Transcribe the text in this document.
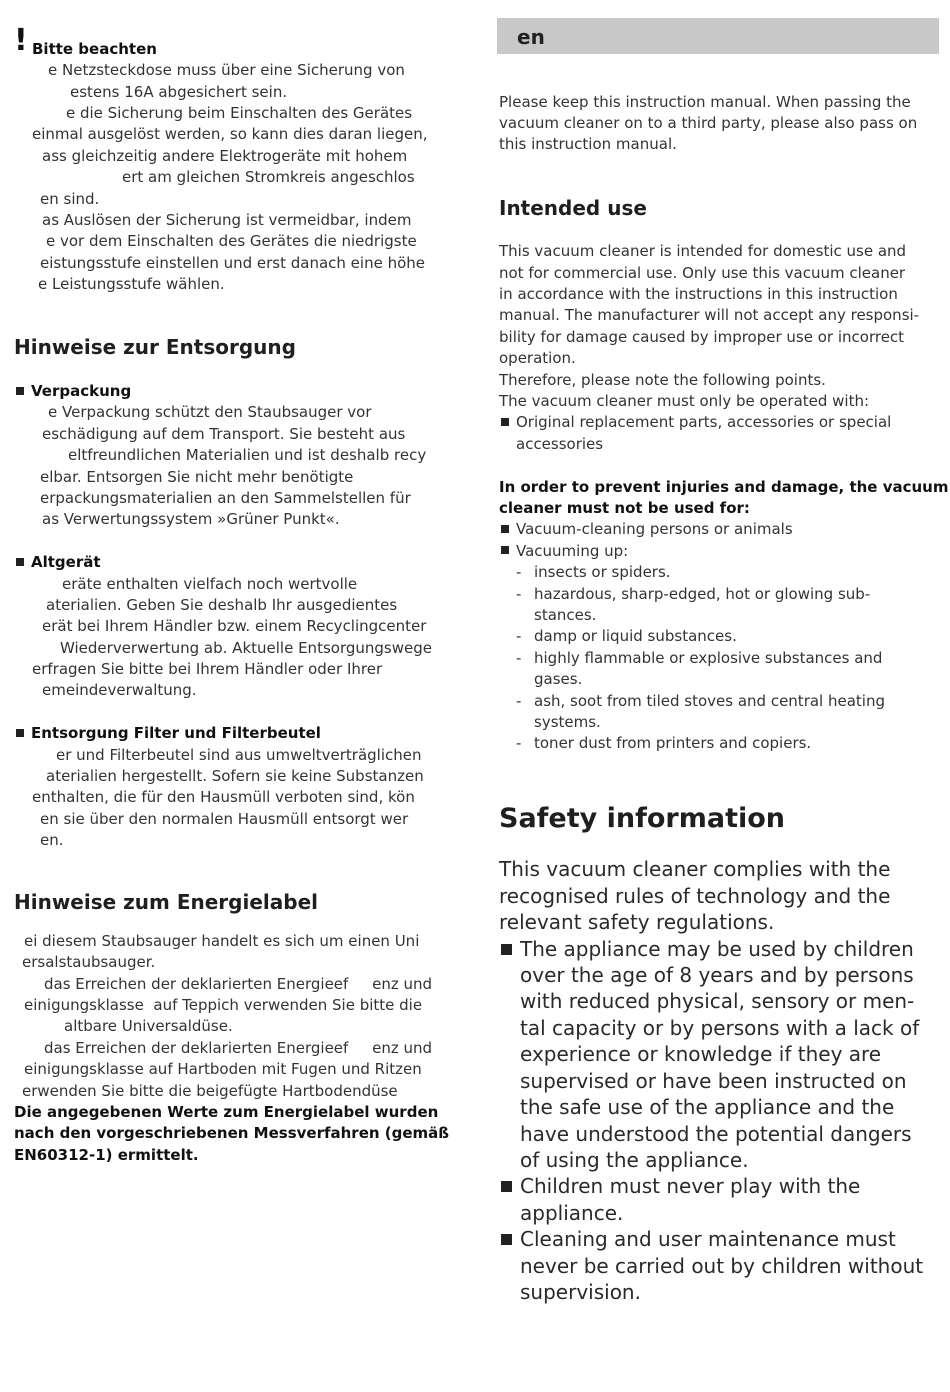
! Bitte beachten
e Netzsteckdose muss über eine Sicherung von
estens 16A abgesichert sein.
e die Sicherung beim Einschalten des Gerätes
einmal ausgelöst werden, so kann dies daran liegen,
ass gleichzeitig andere Elektrogeräte mit hohem
ert am gleichen Stromkreis angeschlos
en sind.
as Auslösen der Sicherung ist vermeidbar, indem
e vor dem Einschalten des Gerätes die niedrigste
eistungsstufe einstellen und erst danach eine höhe
e Leistungsstufe wählen.
Hinweise zur Entsorgung
Verpackung
e Verpackung schützt den Staubsauger vor
eschädigung auf dem Transport. Sie besteht aus
eltfreundlichen Materialien und ist deshalb recy
elbar. Entsorgen Sie nicht mehr benötigte
erpackungsmaterialien an den Sammelstellen für
as Verwertungssystem »Grüner Punkt«.
Altgerät
eräte enthalten vielfach noch wertvolle
aterialien. Geben Sie deshalb Ihr ausgedientes
erät bei Ihrem Händler bzw. einem Recyclingcenter
Wiederverwertung ab. Aktuelle Entsorgungswege
erfragen Sie bitte bei Ihrem Händler oder Ihrer
emeindeverwaltung.
Entsorgung Filter und Filterbeutel
er und Filterbeutel sind aus umweltverträglichen
aterialien hergestellt. Sofern sie keine Substanzen
enthalten, die für den Hausmüll verboten sind, kön
en sie über den normalen Hausmüll entsorgt wer
en.
Hinweise zum Energielabel
ei diesem Staubsauger handelt es sich um einen Uni
ersalstaubsauger.
das Erreichen der deklarierten Energieef     enz und
einigungsklasse  auf Teppich verwenden Sie bitte die
altbare Universaldüse.
das Erreichen der deklarierten Energieef     enz und
einigungsklasse auf Hartboden mit Fugen und Ritzen
erwenden Sie bitte die beigefügte Hartbodendüse
Die angegebenen Werte zum Energielabel wurden
nach den vorgeschriebenen Messverfahren (gemäß
EN60312-1) ermittelt.
en
Please keep this instruction manual. When passing the
vacuum cleaner on to a third party, please also pass on
this instruction manual.
Intended use
This vacuum cleaner is intended for domestic use and
not for commercial use. Only use this vacuum cleaner
in accordance with the instructions in this instruction
manual. The manufacturer will not accept any responsi-
bility for damage caused by improper use or incorrect
operation.
Therefore, please note the following points.
The vacuum cleaner must only be operated with:
Original replacement parts, accessories or special
accessories
In order to prevent injuries and damage, the vacuum
cleaner must not be used for:
Vacuum-cleaning persons or animals
Vacuuming up:
- insects or spiders.
- hazardous, sharp-edged, hot or glowing sub-
stances.
- damp or liquid substances.
- highly flammable or explosive substances and
gases.
- ash, soot from tiled stoves and central heating
systems.
- toner dust from printers and copiers.
Safety information
This vacuum cleaner complies with the
recognised rules of technology and the
relevant safety regulations.
The appliance may be used by children
over the age of 8 years and by persons
with reduced physical, sensory or men-
tal capacity or by persons with a lack of
experience or knowledge if they are
supervised or have been instructed on
the safe use of the appliance and the
have understood the potential dangers
of using the appliance.
Children must never play with the
appliance.
Cleaning and user maintenance must
never be carried out by children without
supervision.
